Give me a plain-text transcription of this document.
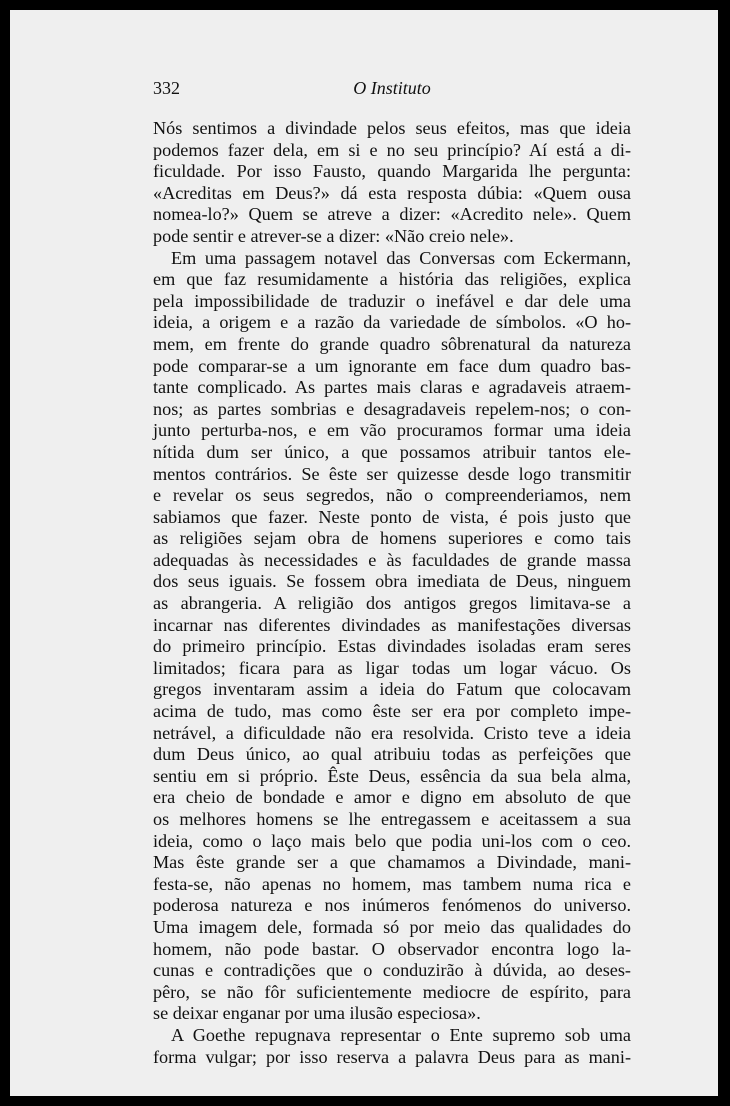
332	O Instituto
Nós sentimos a divindade pelos seus efeitos, mas que ideia
podemos fazer dela, em si e no seu princípio? Aí está a di-
ficuldade. Por isso Fausto, quando Margarida lhe pergunta:
«Acreditas em Deus?» dá esta resposta dúbia: «Quem ousa
nomea-lo?» Quem se atreve a dizer: «Acredito nele». Quem
pode sentir e atrever-se a dizer: «Não creio nele».
Em uma passagem notavel das Conversas com Eckermann,
em que faz resumidamente a história das religiões, explica
pela impossibilidade de traduzir o inefável e dar dele uma
ideia, a origem e a razão da variedade de símbolos. «O ho-
mem, em frente do grande quadro sôbrenatural da natureza
pode comparar-se a um ignorante em face dum quadro bas-
tante complicado. As partes mais claras e agradaveis atraem-
nos; as partes sombrias e desagradaveis repelem-nos; o con-
junto perturba-nos, e em vão procuramos formar uma ideia
nítida dum ser único, a que possamos atribuir tantos ele-
mentos contrários. Se êste ser quizesse desde logo transmitir
e revelar os seus segredos, não o compreenderiamos, nem
sabiamos que fazer. Neste ponto de vista, é pois justo que
as religiões sejam obra de homens superiores e como tais
adequadas às necessidades e às faculdades de grande massa
dos seus iguais. Se fossem obra imediata de Deus, ninguem
as abrangeria. A religião dos antigos gregos limitava-se a
incarnar nas diferentes divindades as manifestações diversas
do primeiro princípio. Estas divindades isoladas eram seres
limitados; ficara para as ligar todas um logar vácuo. Os
gregos inventaram assim a ideia do Fatum que colocavam
acima de tudo, mas como êste ser era por completo impe-
netrável, a dificuldade não era resolvida. Cristo teve a ideia
dum Deus único, ao qual atribuiu todas as perfeições que
sentiu em si próprio. Êste Deus, essência da sua bela alma,
era cheio de bondade e amor e digno em absoluto de que
os melhores homens se lhe entregassem e aceitassem a sua
ideia, como o laço mais belo que podia uni-los com o ceo.
Mas êste grande ser a que chamamos a Divindade, mani-
festa-se, não apenas no homem, mas tambem numa rica e
poderosa natureza e nos inúmeros fenómenos do universo.
Uma imagem dele, formada só por meio das qualidades do
homem, não pode bastar. O observador encontra logo la-
cunas e contradições que o conduzirão à dúvida, ao deses-
pêro, se não fôr suficientemente mediocre de espírito, para
se deixar enganar por uma ilusão especiosa».
A Goethe repugnava representar o Ente supremo sob uma
forma vulgar; por isso reserva a palavra Deus para as mani-
